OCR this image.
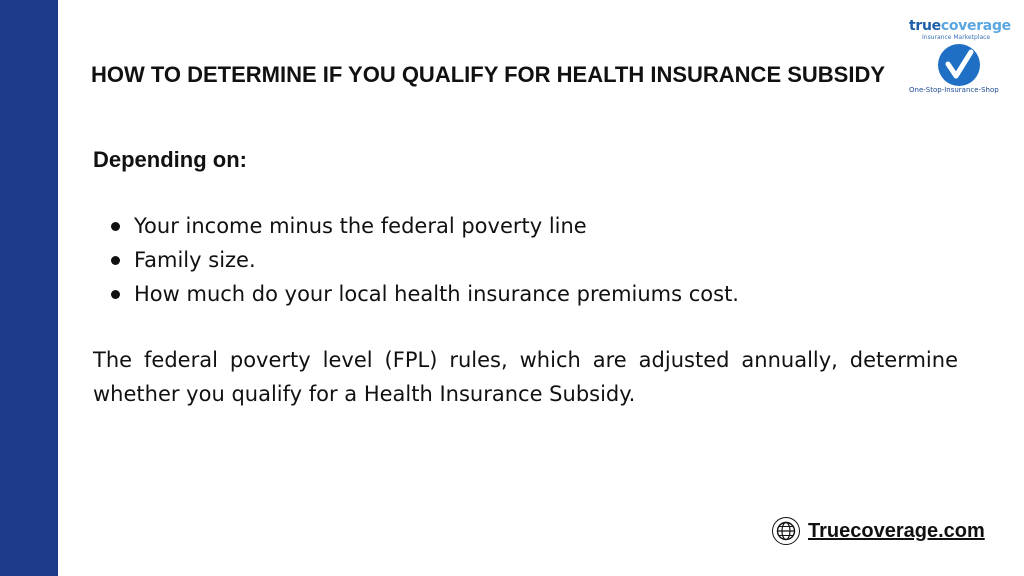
truecoverage
Insurance Marketplace
One-Stop-Insurance-Shop
HOW TO DETERMINE IF YOU QUALIFY FOR HEALTH INSURANCE SUBSIDY

Depending on:

Your income minus the federal poverty line
Family size.
How much do your local health insurance premiums cost.

The federal poverty level (FPL) rules, which are adjusted annually, determine whether you qualify for a Health Insurance Subsidy.

Truecoverage.com
